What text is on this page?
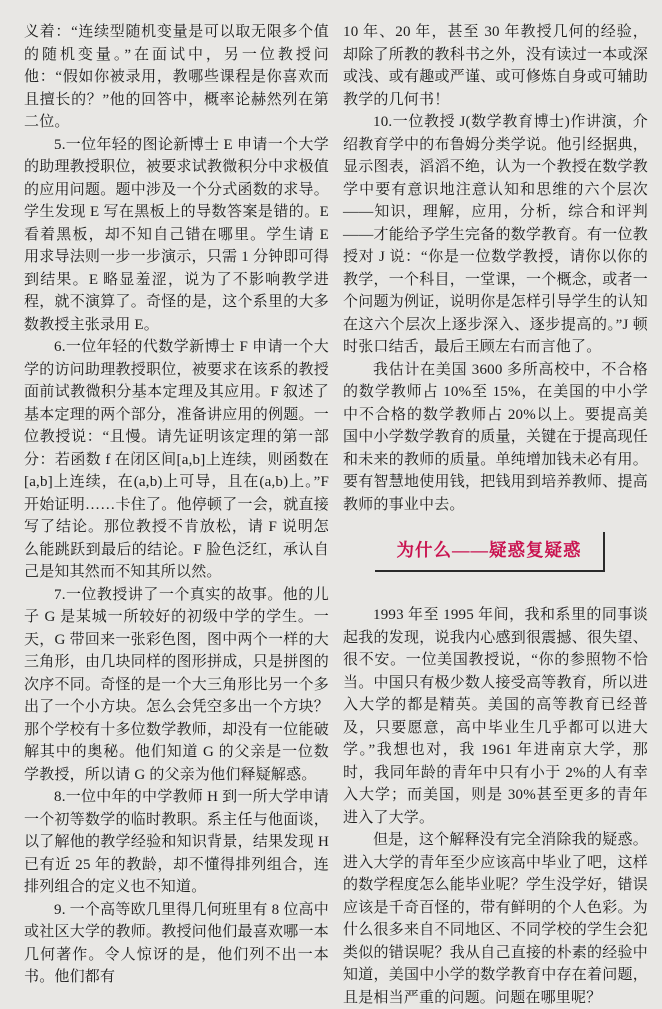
义着：“连续型随机变量是可以取无限多个值的随机变量。”在面试中，另一位教授问他：“假如你被录用，教哪些课程是你喜欢而且擅长的？”他的回答中，概率论赫然列在第二位。

5.一位年轻的图论新博士 E 申请一个大学的助理教授职位，被要求试教微积分中求极值的应用问题。题中涉及一个分式函数的求导。学生发现 E 写在黑板上的导数答案是错的。E 看着黑板，却不知自己错在哪里。学生请 E 用求导法则一步一步演示，只需 1 分钟即可得到结果。E 略显羞涩，说为了不影响教学进程，就不演算了。奇怪的是，这个系里的大多数教授主张录用 E。

6.一位年轻的代数学新博士 F 申请一个大学的访问助理教授职位，被要求在该系的教授面前试教微积分基本定理及其应用。F 叙述了基本定理的两个部分，准备讲应用的例题。一位教授说：“且慢。请先证明该定理的第一部分：若函数 f 在闭区间[a,b]上连续，则函数在[a,b]上连续，在(a,b)上可导，且在(a,b)上。”F 开始证明……卡住了。他停顿了一会，就直接写了结论。那位教授不肯放松，请 F 说明怎么能跳跃到最后的结论。F 脸色泛红，承认自己是知其然而不知其所以然。

7.一位教授讲了一个真实的故事。他的儿子 G 是某城一所较好的初级中学的学生。一天，G 带回来一张彩色图，图中两个一样的大三角形，由几块同样的图形拼成，只是拼图的次序不同。奇怪的是一个大三角形比另一个多出了一个小方块。怎么会凭空多出一个方块？那个学校有十多位数学教师，却没有一位能破解其中的奥秘。他们知道 G 的父亲是一位数学教授，所以请 G 的父亲为他们释疑解惑。

8.一位中年的中学教师 H 到一所大学申请一个初等数学的临时教职。系主任与他面谈，以了解他的教学经验和知识背景，结果发现 H 已有近 25 年的教龄，却不懂得排列组合，连排列组合的定义也不知道。

9. 一个高等欧几里得几何班里有 8 位高中或社区大学的教师。教授问他们最喜欢哪一本几何著作。令人惊讶的是，他们列不出一本书。他们都有

10 年、20 年，甚至 30 年教授几何的经验，却除了所教的教科书之外，没有读过一本或深或浅、或有趣或严谨、或可修炼自身或可辅助教学的几何书！

10.一位教授 J(数学教育博士)作讲演，介绍教育学中的布鲁姆分类学说。他引经据典，显示图表，滔滔不绝，认为一个教授在数学教学中要有意识地注意认知和思维的六个层次——知识，理解，应用，分析，综合和评判——才能给予学生完备的数学教育。有一位教授对 J 说：“你是一位数学教授，请你以你的教学，一个科目，一堂课，一个概念，或者一个问题为例证，说明你是怎样引导学生的认知在这六个层次上逐步深入、逐步提高的。”J 顿时张口结舌，最后王顾左右而言他了。

我估计在美国 3600 多所高校中，不合格的数学教师占 10%至 15%，在美国的中小学中不合格的数学教师占 20%以上。要提高美国中小学数学教育的质量，关键在于提高现任和未来的教师的质量。单纯增加钱未必有用。要有智慧地使用钱，把钱用到培养教师、提高教师的事业中去。

为什么——疑惑复疑惑

1993 年至 1995 年间，我和系里的同事谈起我的发现，说我内心感到很震撼、很失望、很不安。一位美国教授说，“你的参照物不恰当。中国只有极少数人接受高等教育，所以进入大学的都是精英。美国的高等教育已经普及，只要愿意，高中毕业生几乎都可以进大学。”我想也对，我 1961 年进南京大学，那时，我同年龄的青年中只有小于 2%的人有幸入大学；而美国，则是 30%甚至更多的青年进入了大学。

但是，这个解释没有完全消除我的疑惑。进入大学的青年至少应该高中毕业了吧，这样的数学程度怎么能毕业呢？学生没学好，错误应该是千奇百怪的，带有鲜明的个人色彩。为什么很多来自不同地区、不同学校的学生会犯类似的错误呢？我从自己直接的朴素的经验中知道，美国中小学的数学教育中存在着问题，且是相当严重的问题。问题在哪里呢？
